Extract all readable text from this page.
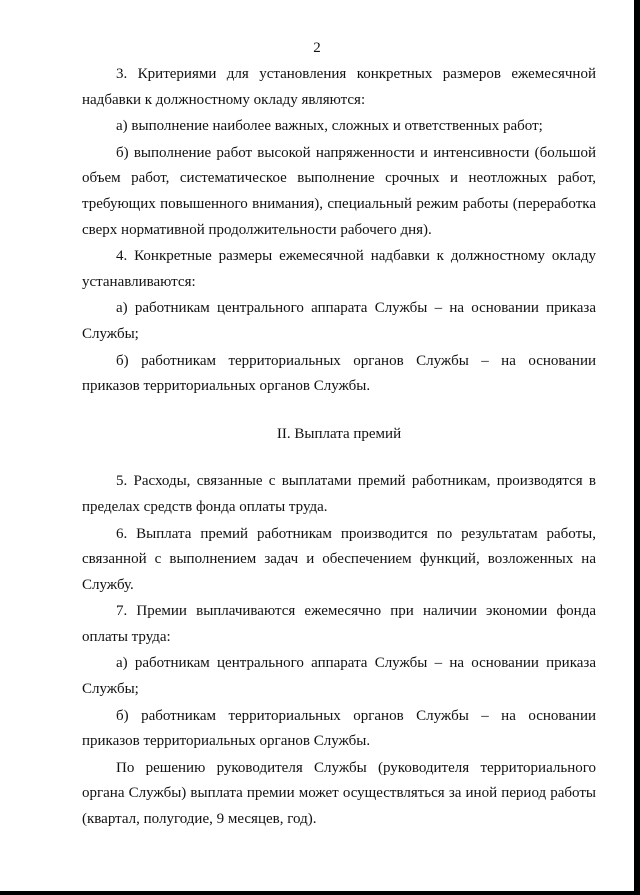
2

3. Критериями для установления конкретных размеров ежемесячной надбавки к должностному окладу являются:

а) выполнение наиболее важных, сложных и ответственных работ;

б) выполнение работ высокой напряженности и интенсивности (большой объем работ, систематическое выполнение срочных и неотложных работ, требующих повышенного внимания), специальный режим работы (переработка сверх нормативной продолжительности рабочего дня).

4. Конкретные размеры ежемесячной надбавки к должностному окладу устанавливаются:

а) работникам центрального аппарата Службы – на основании приказа Службы;

б) работникам территориальных органов Службы – на основании приказов территориальных органов Службы.

II. Выплата премий

5. Расходы, связанные с выплатами премий работникам, производятся в пределах средств фонда оплаты труда.

6. Выплата премий работникам производится по результатам работы, связанной с выполнением задач и обеспечением функций, возложенных на Службу.

7. Премии выплачиваются ежемесячно при наличии экономии фонда оплаты труда:

а) работникам центрального аппарата Службы – на основании приказа Службы;

б) работникам территориальных органов Службы – на основании приказов территориальных органов Службы.

По решению руководителя Службы (руководителя территориального органа Службы) выплата премии может осуществляться за иной период работы (квартал, полугодие, 9 месяцев, год).
